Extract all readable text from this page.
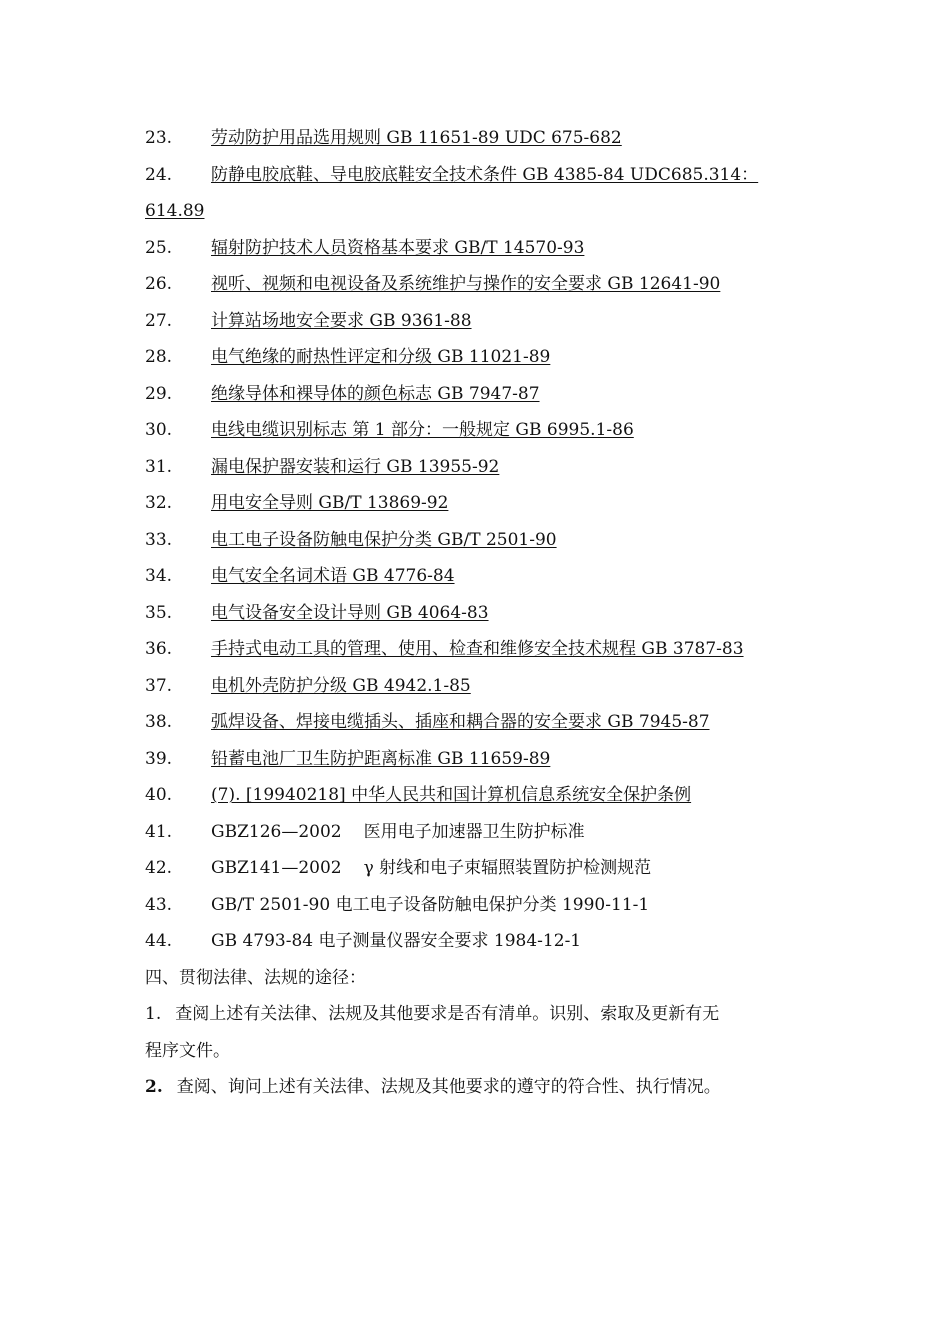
23. 劳动防护用品选用规则 GB 11651-89 UDC 675-682
24. 防静电胶底鞋、导电胶底鞋安全技术条件 GB 4385-84 UDC685.314：
614.89
25. 辐射防护技术人员资格基本要求 GB/T 14570-93
26. 视听、视频和电视设备及系统维护与操作的安全要求 GB 12641-90
27. 计算站场地安全要求 GB 9361-88
28. 电气绝缘的耐热性评定和分级 GB 11021-89
29. 绝缘导体和裸导体的颜色标志 GB 7947-87
30. 电线电缆识别标志 第 1 部分：一般规定 GB 6995.1-86
31. 漏电保护器安装和运行 GB 13955-92
32. 用电安全导则 GB/T 13869-92
33. 电工电子设备防触电保护分类 GB/T 2501-90
34. 电气安全名词术语 GB 4776-84
35. 电气设备安全设计导则 GB 4064-83
36. 手持式电动工具的管理、使用、检查和维修安全技术规程 GB 3787-83
37. 电机外壳防护分级 GB 4942.1-85
38. 弧焊设备、焊接电缆插头、插座和耦合器的安全要求 GB 7945-87
39. 铅蓄电池厂卫生防护距离标准 GB 11659-89
40. (7). [19940218] 中华人民共和国计算机信息系统安全保护条例
41. GBZ126—2002 医用电子加速器卫生防护标准
42. GBZ141—2002 γ 射线和电子束辐照装置防护检测规范
43. GB/T 2501-90 电工电子设备防触电保护分类 1990-11-1
44. GB 4793-84 电子测量仪器安全要求 1984-12-1
四、贯彻法律、法规的途径：
1. 查阅上述有关法律、法规及其他要求是否有清单。识别、索取及更新有无
程序文件。
2. 查阅、询问上述有关法律、法规及其他要求的遵守的符合性、执行情况。
